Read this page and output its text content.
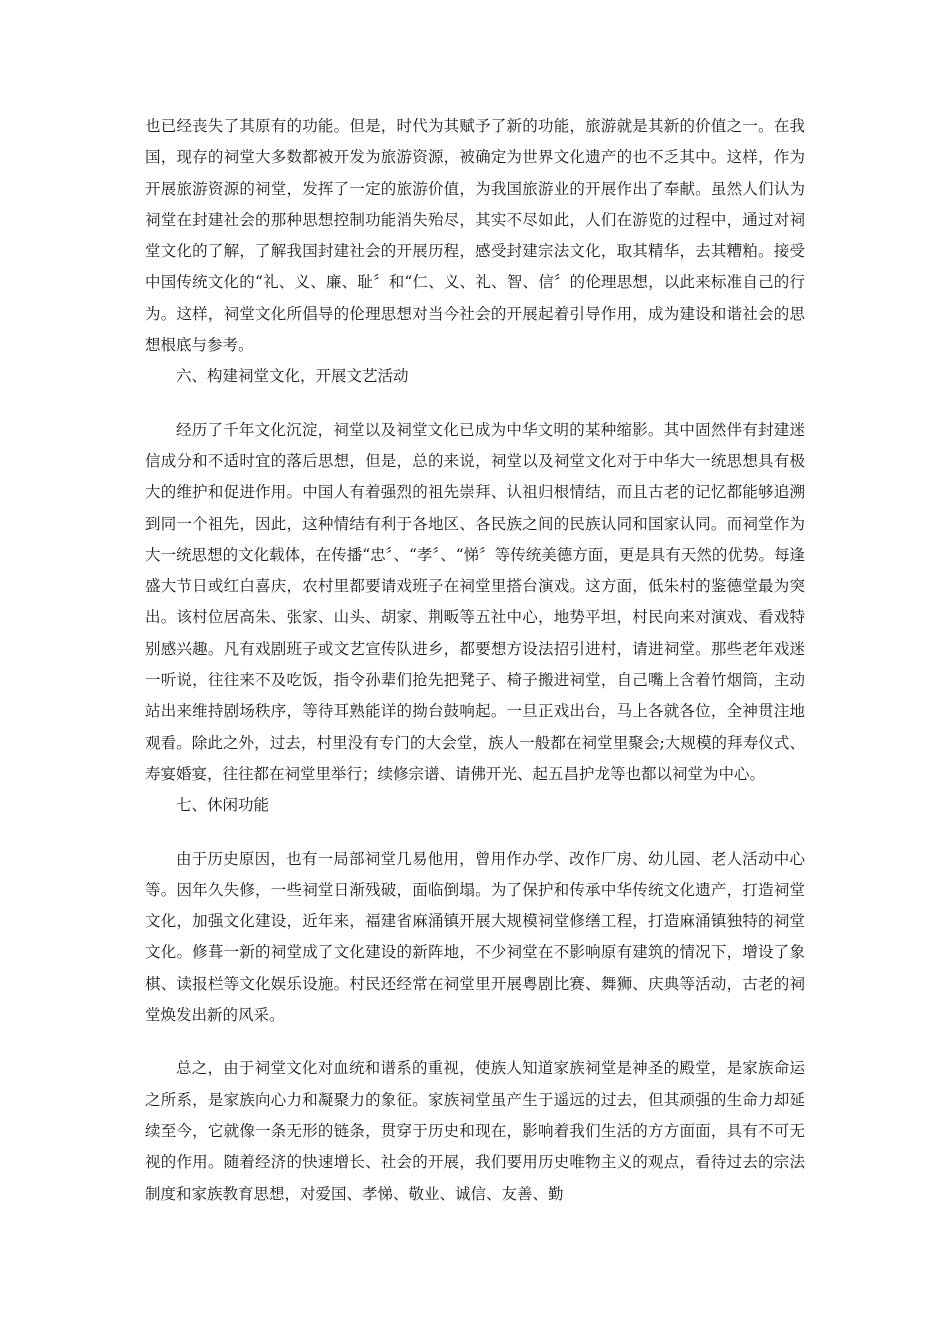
也已经丧失了其原有的功能。但是，时代为其赋予了新的功能，旅游就是其新的价值之一。在我国，现存的祠堂大多数都被开发为旅游资源，被确定为世界文化遗产的也不乏其中。这样，作为开展旅游资源的祠堂，发挥了一定的旅游价值，为我国旅游业的开展作出了奉献。虽然人们认为祠堂在封建社会的那种思想控制功能消失殆尽，其实不尽如此，人们在游览的过程中，通过对祠堂文化的了解，了解我国封建社会的开展历程，感受封建宗法文化，取其精华，去其糟粕。接受中国传统文化的“礼、义、廉、耻〞和“仁、义、礼、智、信〞的伦理思想，以此来标准自己的行为。这样，祠堂文化所倡导的伦理思想对当今社会的开展起着引导作用，成为建设和谐社会的思想根底与参考。

六、构建祠堂文化，开展文艺活动

经历了千年文化沉淀，祠堂以及祠堂文化已成为中华文明的某种缩影。其中固然伴有封建迷信成分和不适时宜的落后思想，但是，总的来说，祠堂以及祠堂文化对于中华大一统思想具有极大的维护和促进作用。中国人有着强烈的祖先崇拜、认祖归根情结，而且古老的记忆都能够追溯到同一个祖先，因此，这种情结有利于各地区、各民族之间的民族认同和国家认同。而祠堂作为大一统思想的文化载体，在传播“忠〞、“孝〞、“悌〞等传统美德方面，更是具有天然的优势。每逢盛大节日或红白喜庆，农村里都要请戏班子在祠堂里搭台演戏。这方面，低朱村的鉴德堂最为突出。该村位居高朱、张家、山头、胡家、荆畈等五社中心，地势平坦，村民向来对演戏、看戏特别感兴趣。凡有戏剧班子或文艺宣传队进乡，都要想方设法招引进村，请进祠堂。那些老年戏迷一听说，往往来不及吃饭，指令孙辈们抢先把凳子、椅子搬进祠堂，自己嘴上含着竹烟筒，主动站出来维持剧场秩序，等待耳熟能详的拗台鼓响起。一旦正戏出台，马上各就各位，全神贯注地观看。除此之外，过去，村里没有专门的大会堂，族人一般都在祠堂里聚会;大规模的拜寿仪式、寿宴婚宴，往往都在祠堂里举行；续修宗谱、请佛开光、起五昌护龙等也都以祠堂为中心。

七、休闲功能

由于历史原因，也有一局部祠堂几易他用，曾用作办学、改作厂房、幼儿园、老人活动中心等。因年久失修，一些祠堂日渐残破，面临倒塌。为了保护和传承中华传统文化遗产，打造祠堂文化，加强文化建设，近年来，福建省麻涌镇开展大规模祠堂修缮工程，打造麻涌镇独特的祠堂文化。修葺一新的祠堂成了文化建设的新阵地，不少祠堂在不影响原有建筑的情况下，增设了象棋、读报栏等文化娱乐设施。村民还经常在祠堂里开展粤剧比赛、舞狮、庆典等活动，古老的祠堂焕发出新的风采。

总之，由于祠堂文化对血统和谱系的重视，使族人知道家族祠堂是神圣的殿堂，是家族命运之所系，是家族向心力和凝聚力的象征。家族祠堂虽产生于遥远的过去，但其顽强的生命力却延续至今，它就像一条无形的链条，贯穿于历史和现在，影响着我们生活的方方面面，具有不可无视的作用。随着经济的快速增长、社会的开展，我们要用历史唯物主义的观点，看待过去的宗法制度和家族教育思想，对爱国、孝悌、敬业、诚信、友善、勤
